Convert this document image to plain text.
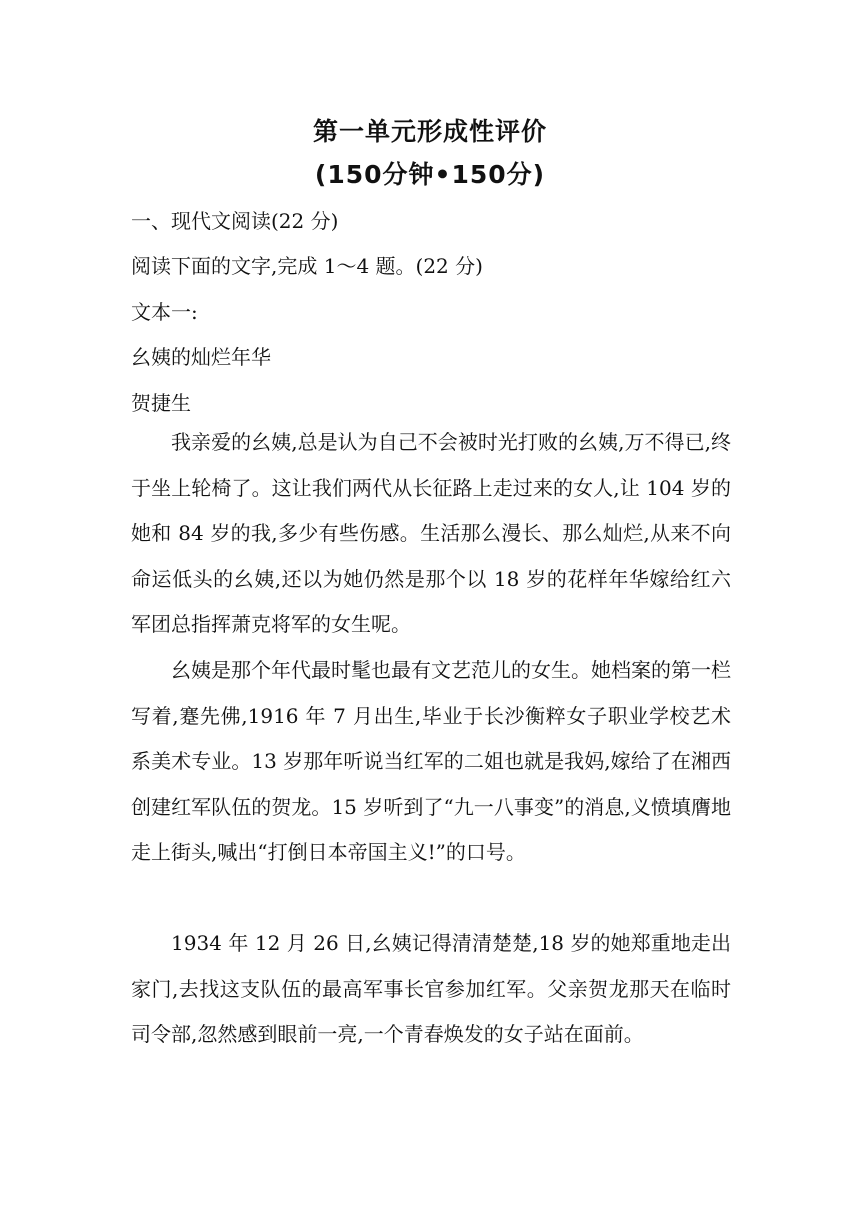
第一单元形成性评价
(150分钟•150分)
一、现代文阅读(22 分)
阅读下面的文字,完成 1～4 题。(22 分)
文本一:
幺姨的灿烂年华
贺捷生

我亲爱的幺姨,总是认为自己不会被时光打败的幺姨,万不得已,终于坐上轮椅了。这让我们两代从长征路上走过来的女人,让 104 岁的她和 84 岁的我,多少有些伤感。生活那么漫长、那么灿烂,从来不向命运低头的幺姨,还以为她仍然是那个以 18 岁的花样年华嫁给红六军团总指挥萧克将军的女生呢。

幺姨是那个年代最时髦也最有文艺范儿的女生。她档案的第一栏写着,蹇先佛,1916 年 7 月出生,毕业于长沙衡粹女子职业学校艺术系美术专业。13 岁那年听说当红军的二姐也就是我妈,嫁给了在湘西创建红军队伍的贺龙。15 岁听到了“九一八事变”的消息,义愤填膺地走上街头,喊出“打倒日本帝国主义!”的口号。

1934 年 12 月 26 日,幺姨记得清清楚楚,18 岁的她郑重地走出家门,去找这支队伍的最高军事长官参加红军。父亲贺龙那天在临时司令部,忽然感到眼前一亮,一个青春焕发的女子站在面前。
